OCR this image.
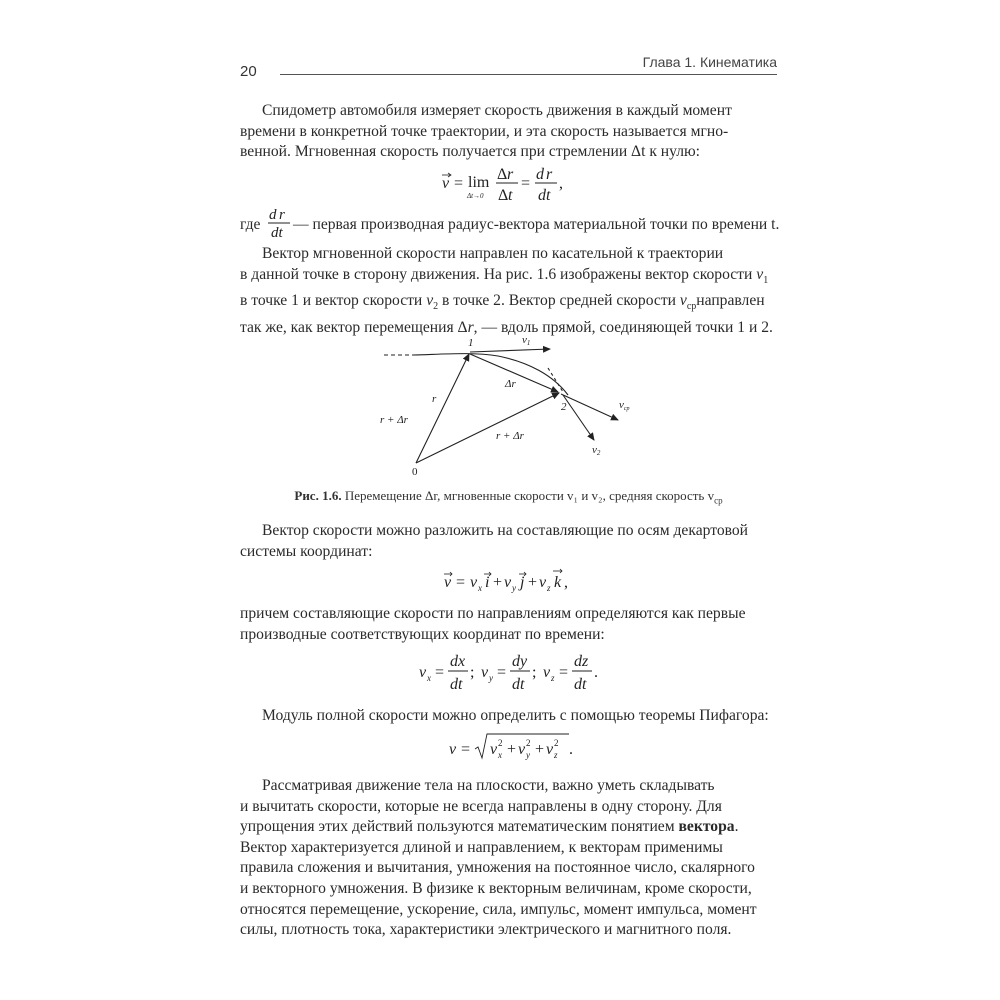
20
Глава 1. Кинематика
Спидометр автомобиля измеряет скорость движения в каждый момент
времени в конкретной точке траектории, и эта скорость называется мгно-
венной. Мгновенная скорость получается при стремлении Δt к нулю:
v = lim
Δt→0
Δ r
Δ t
=
d r
dt
,
где
d r
dt — первая производная радиус-вектора материальной точки по времени t.
Вектор мгновенной скорости направлен по касательной к траектории
в данной точке в сторону движения. На рис. 1.6 изображены вектор скорости $v_1$
в точке 1 и вектор скорости $v_2$ в точке 2. Вектор средней скорости $v_{ср}направлен$
так же, как вектор перемещения Δr, — вдоль прямой, соединяющей точки 1 и 2.
1
2
0
v1
vср
v2
Δr
r
r + Δr
r + Δr
Рис. 1.6. Перемещение Δr, мгновенные скорости v₁ и v₂, средняя скорость $v_{ср}$
Вектор скорости можно разложить на составляющие по осям декартовой
системы координат:
v = v x i + v y j + v z k ,
причем составляющие скорости по направлениям определяются как первые
производные соответствующих координат по времени:
v x =
dx
dt
; v y =
dy
dt
; v z =
dz
dt
.
Модуль полной скорости можно определить с помощью теоремы Пифагора:
v = v 2
x + v 2
y + v 2
z .
Рассматривая движение тела на плоскости, важно уметь складывать
и вычитать скорости, которые не всегда направлены в одну сторону. Для
упрощения этих действий пользуются математическим понятием вектора.
Вектор характеризуется длиной и направлением, к векторам применимы
правила сложения и вычитания, умножения на постоянное число, скалярного
и векторного умножения. В физике к векторным величинам, кроме скорости,
относятся перемещение, ускорение, сила, импульс, момент импульса, момент
силы, плотность тока, характеристики электрического и магнитного поля.
